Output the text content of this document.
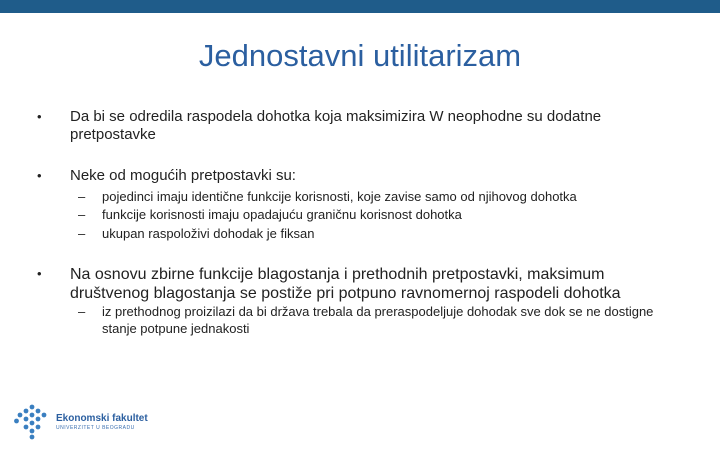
Jednostavni utilitarizam
• Da bi se odredila raspodela dohotka koja maksimizira W neophodne su dodatne pretpostavke
• Neke od mogućih pretpostavki su:
– pojedinci imaju identične funkcije korisnosti, koje zavise samo od njihovog dohotka
– funkcije korisnosti imaju opadajuću graničnu korisnost dohotka
– ukupan raspoloživi dohodak je fiksan
• Na osnovu zbirne funkcije blagostanja i prethodnih pretpostavki, maksimum društvenog blagostanja se postiže pri potpuno ravnomernoj raspodeli dohotka
– iz prethodnog proizilazi da bi država trebala da preraspodeljuje dohodak sve dok se ne dostigne stanje potpune jednakosti
Ekonomski fakultet
UNIVERZITET U BEOGRADU
